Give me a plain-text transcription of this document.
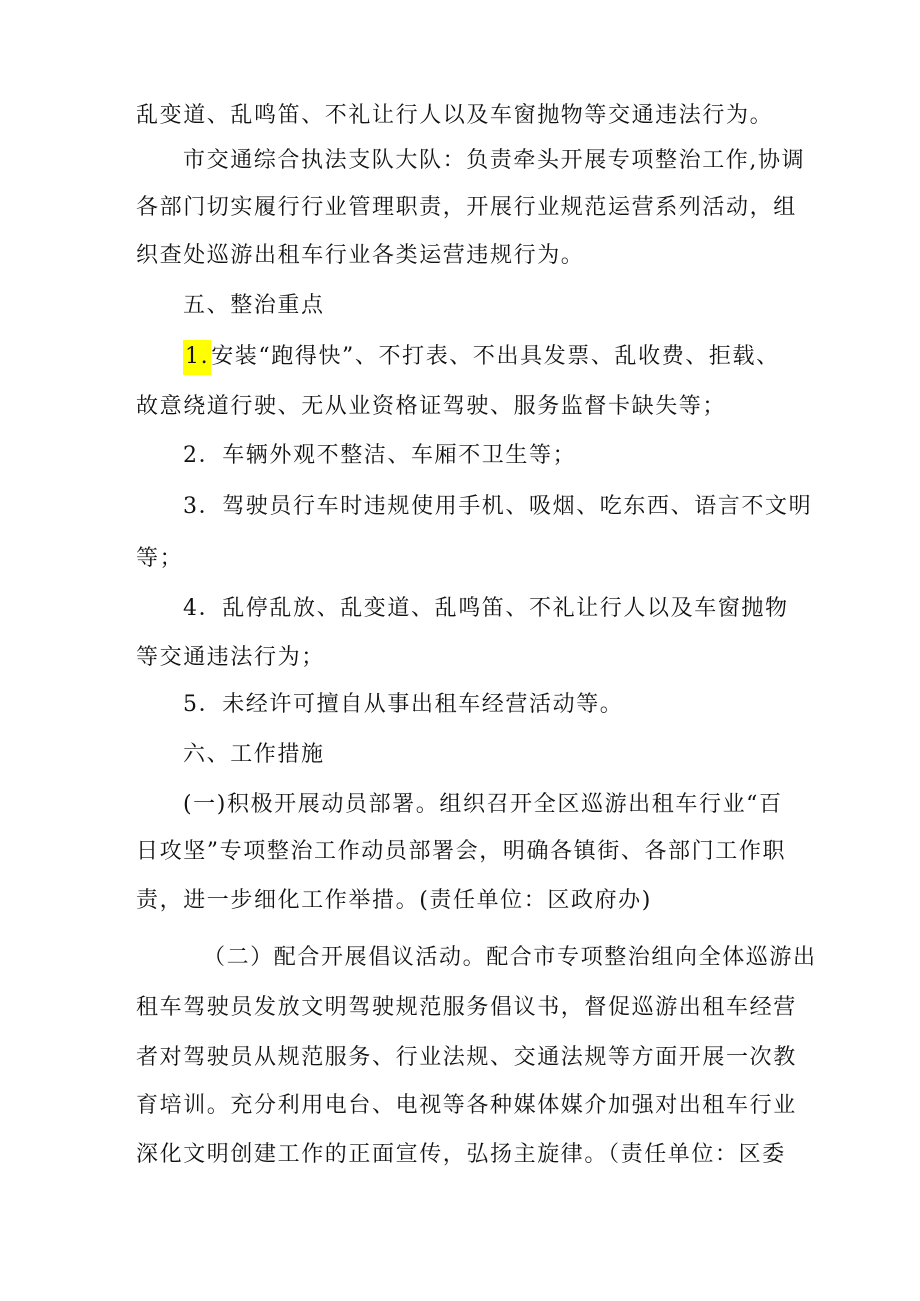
乱变道、乱鸣笛、不礼让行人以及车窗抛物等交通违法行为。
市交通综合执法支队大队：负责牵头开展专项整治工作,协调
各部门切实履行行业管理职责，开展行业规范运营系列活动，组
织查处巡游出租车行业各类运营违规行为。
五、整治重点
1.安装“跑得快”、不打表、不出具发票、乱收费、拒载、
故意绕道行驶、无从业资格证驾驶、服务监督卡缺失等；
2．车辆外观不整洁、车厢不卫生等；
3．驾驶员行车时违规使用手机、吸烟、吃东西、语言不文明
等；
4．乱停乱放、乱变道、乱鸣笛、不礼让行人以及车窗抛物
等交通违法行为；
5．未经许可擅自从事出租车经营活动等。
六、工作措施
(一)积极开展动员部署。组织召开全区巡游出租车行业“百
日攻坚”专项整治工作动员部署会，明确各镇街、各部门工作职
责，进一步细化工作举措。(责任单位：区政府办)
（二）配合开展倡议活动。配合市专项整治组向全体巡游出
租车驾驶员发放文明驾驶规范服务倡议书，督促巡游出租车经营
者对驾驶员从规范服务、行业法规、交通法规等方面开展一次教
育培训。充分利用电台、电视等各种媒体媒介加强对出租车行业
深化文明创建工作的正面宣传，弘扬主旋律。（责任单位：区委
